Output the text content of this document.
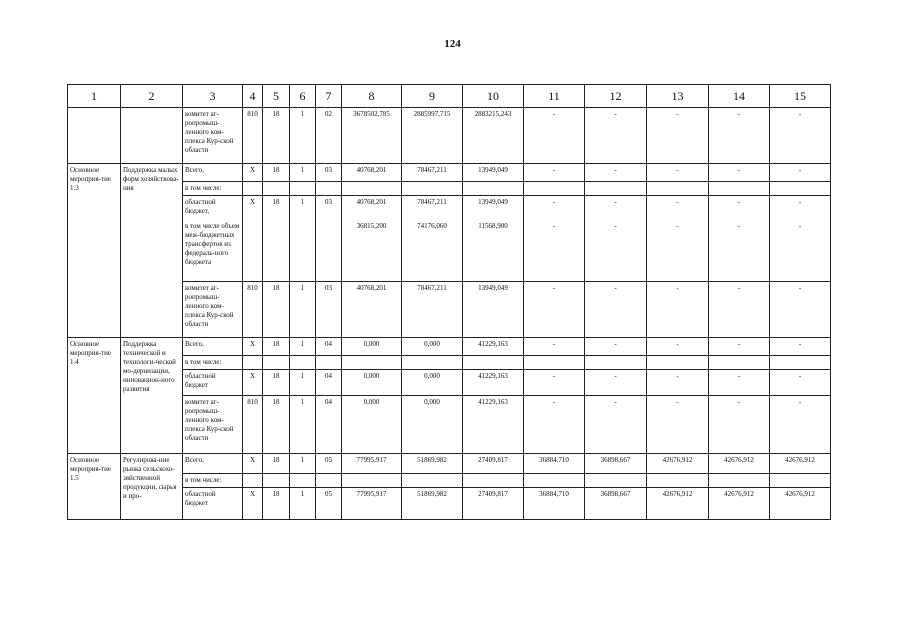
124
1	2	3	4	5	6	7	8	9	10	11	12	13	14	15
		комитет аг-ропромыш-ленного ком-плекса Кур-ской области	810	18	1	02	3678502,785	2885997,715	2883215,243	-	-	-	-	-
Основное мероприя-тие 1.3	Поддержка малых форм хозяйствова-ния	Всего,	X	18	1	03	40768,201	78467,211	13949,049	-	-	-	-	-
		в том числе:												
		областной бюджет,	X	18	1	03	40768,201	78467,211	13949,049	-	-	-	-	-
		в том числе объем меж-бюджетных трансфертов из федераль-ного бюджета					36815,200	74176,060	11568,900	-	-	-	-	-
		комитет аг-ропромыш-ленного ком-плекса Кур-ской области	810	18	1	03	40768,201	78467,211	13949,049	-	-	-	-	-
Основное мероприя-тие 1.4	Поддержка технической и технологи-ческой мо-дернизации, инновацион-ного развития	Всего,	X	18	1	04	0,000	0,000	41229,163	-	-	-	-	-
		в том числе:												
		областной бюджет	X	18	1	04	0,000	0,000	41229,163	-	-	-	-	-
		комитет аг-ропромыш-ленного ком-плекса Кур-ской области	810	18	1	04	0,000	0,000	41229,163	-	-	-	-	-
Основное мероприя-тие 1.5	Регулирова-ние рынка сельскохо-зяйственной продукции, сырья и про-	Всего,	X	18	1	05	77995,917	51869,982	27409,817	36884,710	36898,667	42676,912	42676,912	42676,912
		в том числе:												
		областной бюджет	X	18	1	05	77995,917	51869,982	27409,817	36884,710	36898,667	42676,912	42676,912	42676,912
